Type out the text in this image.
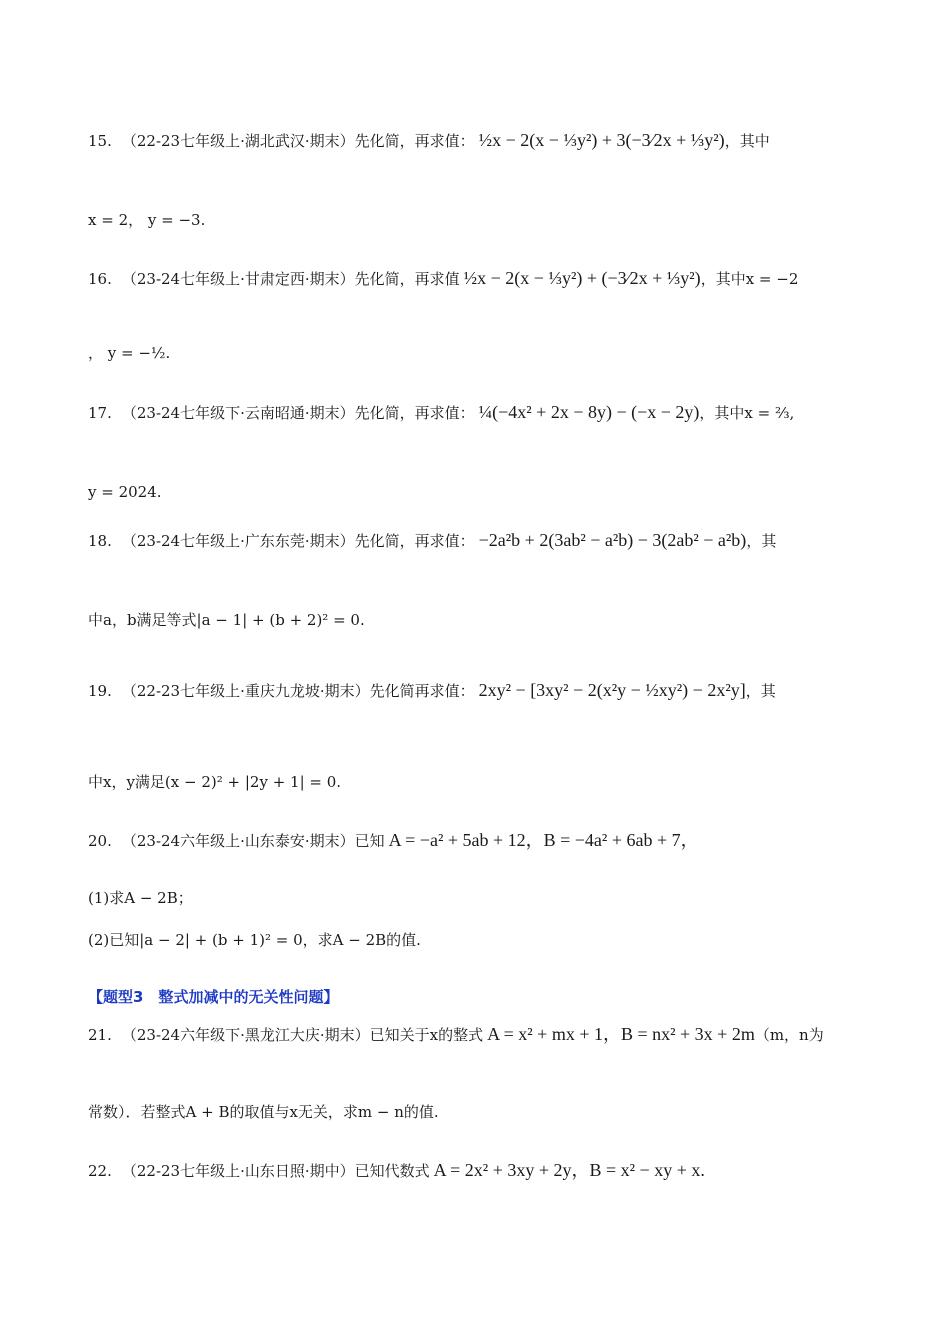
15. （22-23七年级上·湖北武汉·期末）先化简，再求值： ½x − 2(x − ⅓y²) + 3(−3⁄2x + ⅓y²)，其中
x = 2， y = −3.
16. （23-24七年级上·甘肃定西·期末）先化简，再求值 ½x − 2(x − ⅓y²) + (−3⁄2x + ⅓y²)，其中x = −2
， y = −½.
17. （23-24七年级下·云南昭通·期末）先化简，再求值： ¼(−4x² + 2x − 8y) − (−x − 2y)，其中x = ⅔,
y = 2024.
18. （23-24七年级上·广东东莞·期末）先化简，再求值： −2a²b + 2(3ab² − a²b) − 3(2ab² − a²b)，其
中a，b满足等式|a − 1| + (b + 2)² = 0.
19. （22-23七年级上·重庆九龙坡·期末）先化简再求值： 2xy² − [3xy² − 2(x²y − ½xy²) − 2x²y]，其
中x，y满足(x − 2)² + |2y + 1| = 0.
20. （23-24六年级上·山东泰安·期末）已知 A = −a² + 5ab + 12，B = −4a² + 6ab + 7，
(1)求A − 2B；
(2)已知|a − 2| + (b + 1)² = 0，求A − 2B的值.
【题型3　整式加减中的无关性问题】
21. （23-24六年级下·黑龙江大庆·期末）已知关于x的整式 A = x² + mx + 1，B = nx² + 3x + 2m（m，n为
常数）．若整式A + B的取值与x无关，求m − n的值.
22. （22-23七年级上·山东日照·期中）已知代数式 A = 2x² + 3xy + 2y，B = x² − xy + x.
